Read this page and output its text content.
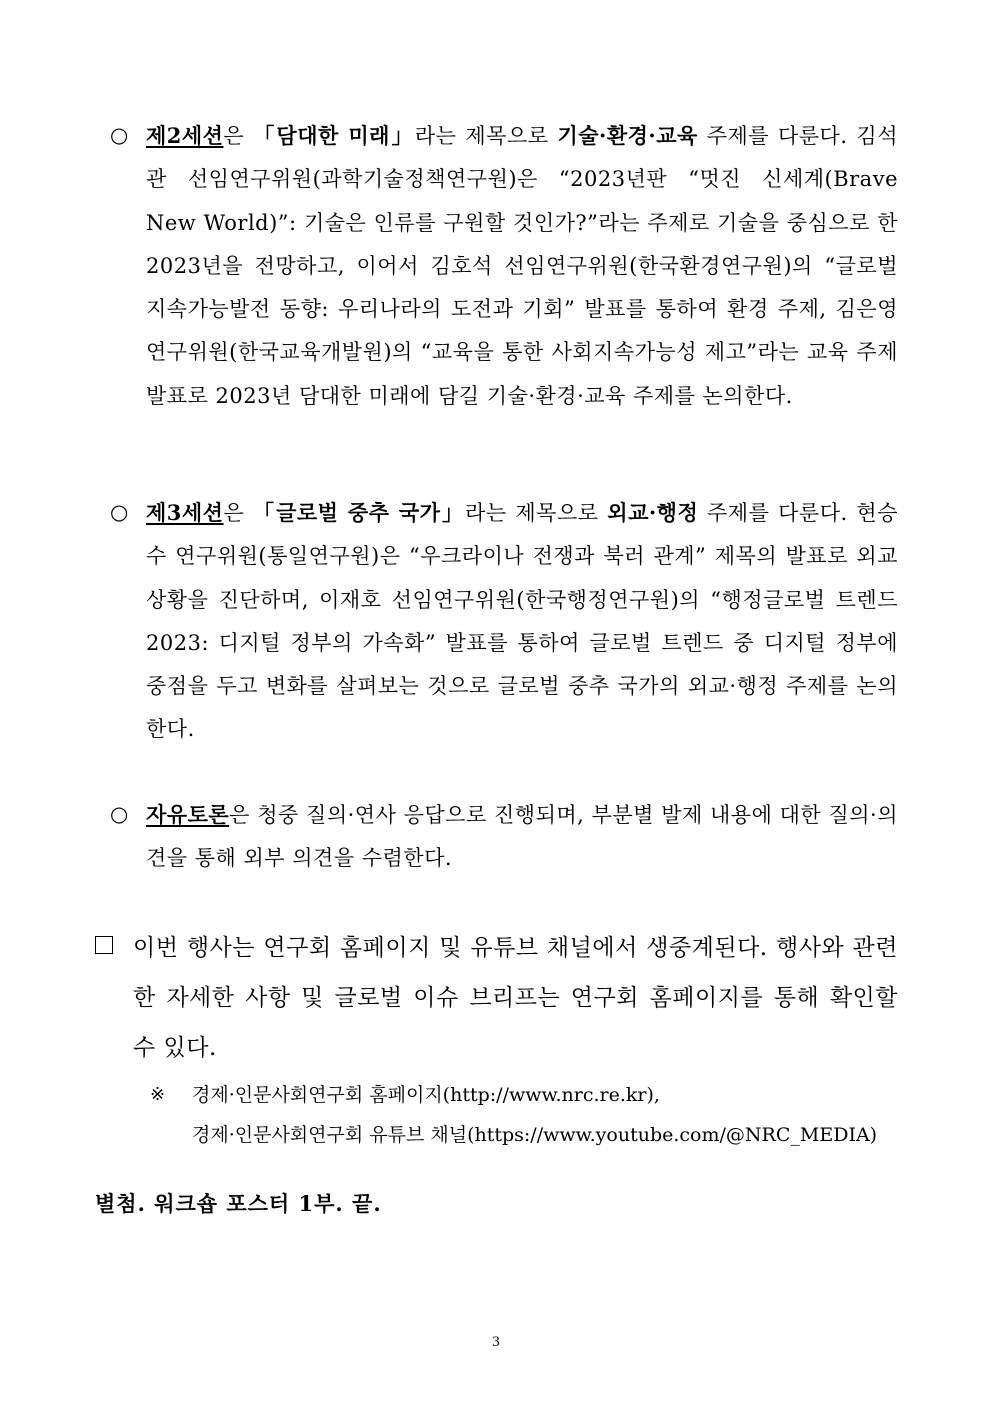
○ 제2세션은 「담대한 미래」라는 제목으로 기술·환경·교육 주제를 다룬다. 김석관 선임연구위원(과학기술정책연구원)은 “2023년판 “멋진 신세계(Brave New World)”: 기술은 인류를 구원할 것인가?”라는 주제로 기술을 중심으로 한 2023년을 전망하고, 이어서 김호석 선임연구위원(한국환경연구원)의 “글로벌 지속가능발전 동향: 우리나라의 도전과 기회” 발표를 통하여 환경 주제, 김은영 연구위원(한국교육개발원)의 “교육을 통한 사회지속가능성 제고”라는 교육 주제 발표로 2023년 담대한 미래에 담길 기술·환경·교육 주제를 논의한다.
○ 제3세션은 「글로벌 중추 국가」라는 제목으로 외교·행정 주제를 다룬다. 현승수 연구위원(통일연구원)은 “우크라이나 전쟁과 북러 관계” 제목의 발표로 외교 상황을 진단하며, 이재호 선임연구위원(한국행정연구원)의 “행정글로벌 트렌드 2023: 디지털 정부의 가속화” 발표를 통하여 글로벌 트렌드 중 디지털 정부에 중점을 두고 변화를 살펴보는 것으로 글로벌 중추 국가의 외교·행정 주제를 논의한다.
○ 자유토론은 청중 질의·연사 응답으로 진행되며, 부분별 발제 내용에 대한 질의·의견을 통해 외부 의견을 수렴한다.
이번 행사는 연구회 홈페이지 및 유튜브 채널에서 생중계된다. 행사와 관련한 자세한 사항 및 글로벌 이슈 브리프는 연구회 홈페이지를 통해 확인할 수 있다.
※ 경제·인문사회연구회 홈페이지(http://www.nrc.re.kr),
경제·인문사회연구회 유튜브 채널(https://www.youtube.com/@NRC_MEDIA)
별첨. 워크숍 포스터 1부. 끝.
3
